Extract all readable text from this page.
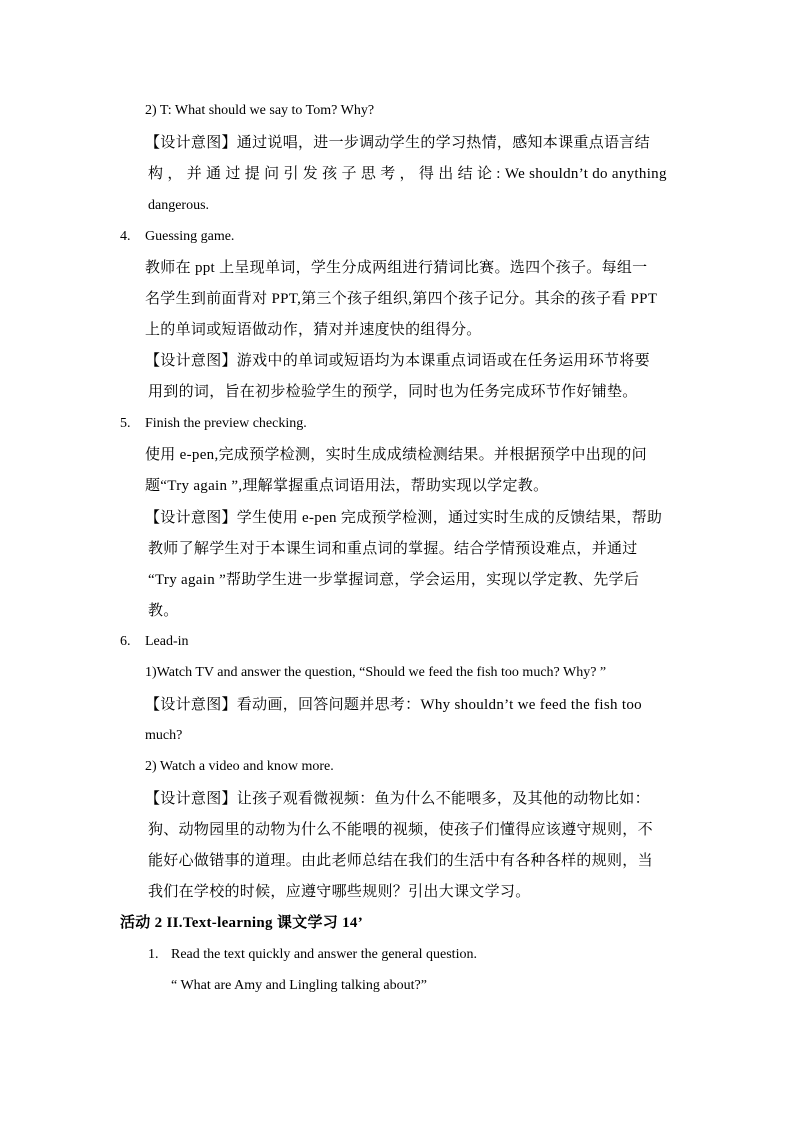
2) T: What should we say to Tom? Why?
【设计意图】通过说唱，进一步调动学生的学习热情，感知本课重点语言结
构 ， 并 通 过 提 问 引 发 孩 子 思 考 ， 得 出 结 论 : We shouldn’t do anything
dangerous.
4. Guessing game.
教师在 ppt 上呈现单词，学生分成两组进行猜词比赛。选四个孩子。每组一
名学生到前面背对 PPT,第三个孩子组织,第四个孩子记分。其余的孩子看 PPT
上的单词或短语做动作，猜对并速度快的组得分。
【设计意图】游戏中的单词或短语均为本课重点词语或在任务运用环节将要
用到的词，旨在初步检验学生的预学，同时也为任务完成环节作好铺垫。
5. Finish the preview checking.
使用 e-pen,完成预学检测，实时生成成绩检测结果。并根据预学中出现的问
题“Try again ”,理解掌握重点词语用法，帮助实现以学定教。
【设计意图】学生使用 e-pen 完成预学检测，通过实时生成的反馈结果，帮助
教师了解学生对于本课生词和重点词的掌握。结合学情预设难点，并通过
“Try again ”帮助学生进一步掌握词意，学会运用，实现以学定教、先学后
教。
6. Lead-in
1)Watch TV and answer the question, “Should we feed the fish too much? Why? ”
【设计意图】看动画，回答问题并思考：Why shouldn’t we feed the fish too
much?
2) Watch a video and know more.
【设计意图】让孩子观看微视频：鱼为什么不能喂多，及其他的动物比如：
狗、动物园里的动物为什么不能喂的视频，使孩子们懂得应该遵守规则，不
能好心做错事的道理。由此老师总结在我们的生活中有各种各样的规则，当
我们在学校的时候，应遵守哪些规则？引出大课文学习。
活动 2 II.Text-learning 课文学习 14’
1. Read the text quickly and answer the general question.
“ What are Amy and Lingling talking about?”
